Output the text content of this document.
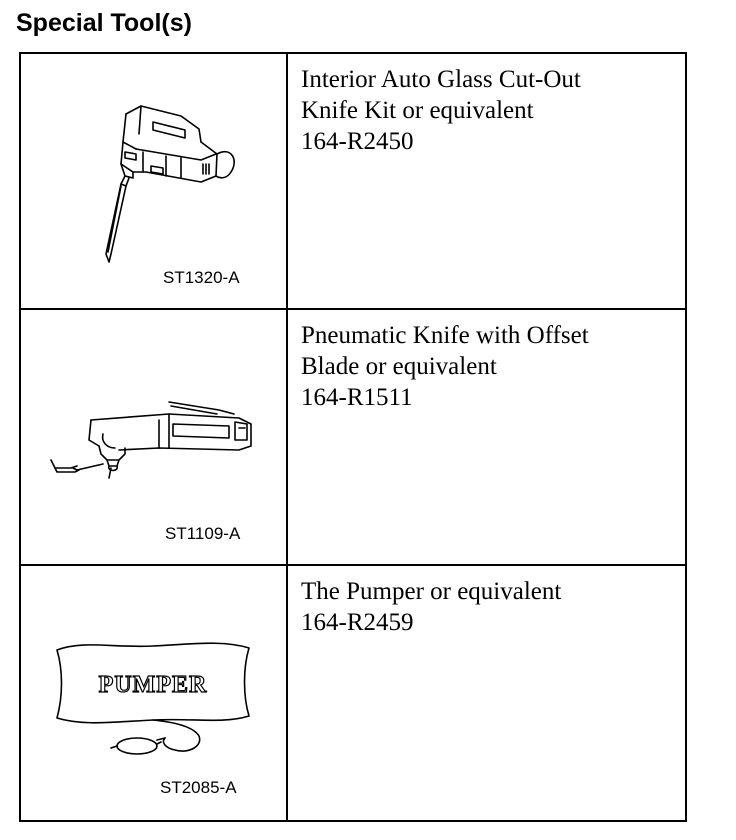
Special Tool(s)
ST1320-A
Interior Auto Glass Cut-Out
Knife Kit or equivalent
164-R2450
ST1109-A
Pneumatic Knife with Offset
Blade or equivalent
164-R1511
PUMPER
ST2085-A
The Pumper or equivalent
164-R2459
